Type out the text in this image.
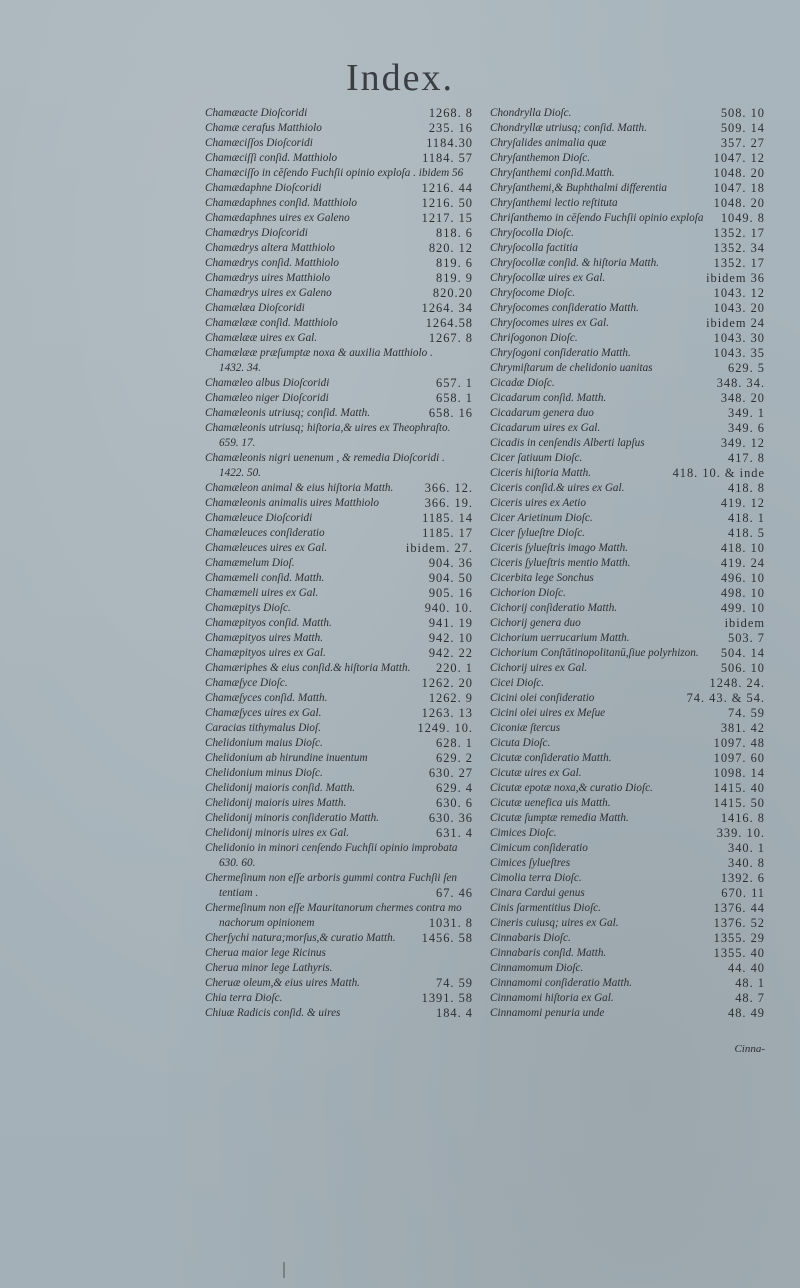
Index.
Chamæacte Dioſcoridi	1268. 8
Chamæ cerafus Matthiolo	235. 16
Chamæciſſos Dioſcoridi	1184.30
Chamæciſſi conſid. Matthiolo	1184. 57
Chamæciſſo in cēſendo Fuchſii opinio exploſa . ibidem 56
Chamædaphne Dioſcoridi	1216. 44
Chamædaphnes conſid. Matthiolo	1216. 50
Chamædaphnes uires ex Galeno	1217. 15
Chamædrys Dioſcoridi	818. 6
Chamædrys altera Matthiolo	820. 12
Chamædrys conſid. Matthiolo	819. 6
Chamædrys uires Matthiolo	819. 9
Chamædrys uires ex Galeno	820.20
Chamælæa Dioſcoridi	1264. 34
Chamælææ conſid. Matthiolo	1264.58
Chamælææ uires ex Gal.	1267. 8
Chamælææ præſumptæ noxa & auxilia Matthiolo .
1432. 34.
Chamæleo albus Dioſcoridi	657. 1
Chamæleo niger Dioſcoridi	658. 1
Chamæleonis utriusq; conſid. Matth.	658. 16
Chamæleonis utriusq; hiſtoria,& uires ex Theophraſto.
659. 17.
Chamæleonis nigri uenenum , & remedia Dioſcoridi .
1422. 50.
Chamæleon animal & eius hiſtoria Matth.	366. 12.
Chamæleonis animalis uires Matthiolo	366. 19.
Chamæleuce Dioſcoridi	1185. 14
Chamæleuces conſideratio	1185. 17
Chamæleuces uires ex Gal.	ibidem. 27.
Chamæmelum Dioſ.	904. 36
Chamæmeli conſid. Matth.	904. 50
Chamæmeli uires ex Gal.	905. 16
Chamæpitys Dioſc.	940. 10.
Chamæpityos conſid. Matth.	941. 19
Chamæpityos uires Matth.	942. 10
Chamæpityos uires ex Gal.	942. 22
Chamæriphes & eius conſid.& hiſtoria Matth. 220. 1
Chamæſyce Dioſc.	1262. 20
Chamæſyces conſid. Matth.	1262. 9
Chamæſyces uires ex Gal.	1263. 13
Caracias tithymalus Dioſ.	1249. 10.
Chelidonium maius Dioſc.	628. 1
Chelidonium ab hirundine inuentum	629. 2
Chelidonium minus Dioſc.	630. 27
Chelidonij maioris conſid. Matth.	629. 4
Chelidonij maioris uires Matth.	630. 6
Chelidonij minoris conſideratio Matth.	630. 36
Chelidonij minoris uires ex Gal.	631. 4
Chelidonio in minori cenſendo Fuchſii opinio improbata
630. 60.
Chermeſinum non eſſe arboris gummi contra Fuchſii ſen
tentiam .	67. 46
Chermeſinum non eſſe Mauritanorum chermes contra mo
nachorum opinionem	1031. 8
Cherſychi natura;morſus,& curatio Matth. 1456. 58
Cherua maior lege Ricinus
Cherua minor lege Lathyris.
Cheruæ oleum,& eius uires Matth.	74. 59
Chia terra Dioſc.	1391. 58
Chiuæ Radicis conſid. & uires	184. 4
Chondrylla Dioſc.	508. 10
Chondryllæ utriusq; conſid. Matth.	509. 14
Chryſalides animalia quæ	357. 27
Chryſanthemon Dioſc.	1047. 12
Chryſanthemi conſid.Matth.	1048. 20
Chryſanthemi,& Buphthalmi differentia	1047. 18
Chryſanthemi lectio reſtituta	1048. 20
Chriſanthemo in cēſendo Fuchſii opinio exploſa 1049. 8
Chryſocolla Dioſc.	1352. 17
Chryſocolla factitia	1352. 34
Chryſocollæ conſid. & hiſtoria Matth.	1352. 17
Chryſocollæ uires ex Gal.	ibidem 36
Chryſocome Dioſc.	1043. 12
Chryſocomes conſideratio Matth.	1043. 20
Chryſocomes uires ex Gal.	ibidem 24
Chriſogonon Dioſc.	1043. 30
Chryſogoni conſideratio Matth.	1043. 35
Chrymiſtarum de chelidonio uanitas	629. 5
Cicadæ Dioſc.	348. 34.
Cicadarum conſid. Matth.	348. 20
Cicadarum genera duo	349. 1
Cicadarum uires ex Gal.	349. 6
Cicadis in cenſendis Alberti lapſus	349. 12
Cicer ſatiuum Dioſc.	417. 8
Ciceris hiſtoria Matth.	418. 10. & inde
Ciceris conſid.& uires ex Gal.	418. 8
Ciceris uires ex Aetio	419. 12
Cicer Arietinum Dioſc.	418. 1
Cicer ſylueſtre Dioſc.	418. 5
Ciceris ſylueſtris imago Matth.	418. 10
Ciceris ſylueſtris mentio Matth.	419. 24
Cicerbita lege Sonchus	496. 10
Cichorion Dioſc.	498. 10
Cichorij conſideratio Matth.	499. 10
Cichorij genera duo	ibidem
Cichorium uerrucarium Matth.	503. 7
Cichorium Conſtātinopolitanū,ſiue polyrhizon. 504. 14
Cichorij uires ex Gal.	506. 10
Cicei Dioſc.	1248. 24.
Cicini olei conſideratio	74. 43. & 54.
Cicini olei uires ex Meſue	74. 59
Ciconiæ ſtercus	381. 42
Cicuta Dioſc.	1097. 48
Cicutæ conſideratio Matth.	1097. 60
Cicutæ uires ex Gal.	1098. 14
Cicutæ epotæ noxa,& curatio Dioſc.	1415. 40
Cicutæ uenefica uis Matth.	1415. 50
Cicutæ ſumptæ remedia Matth.	1416. 8
Cimices Dioſc.	339. 10.
Cimicum conſideratio	340. 1
Cimices ſylueſtres	340. 8
Cimolia terra Dioſc.	1392. 6
Cinara Cardui genus	670. 11
Cinis ſarmentitius Dioſc.	1376. 44
Cineris cuiusq; uires ex Gal.	1376. 52
Cinnabaris Dioſc.	1355. 29
Cinnabaris conſid. Matth.	1355. 40
Cinnamomum Dioſc.	44. 40
Cinnamomi conſideratio Matth.	48. 1
Cinnamomi hiſtoria ex Gal.	48. 7
Cinnamomi penuria unde	48. 49
Cinna-
